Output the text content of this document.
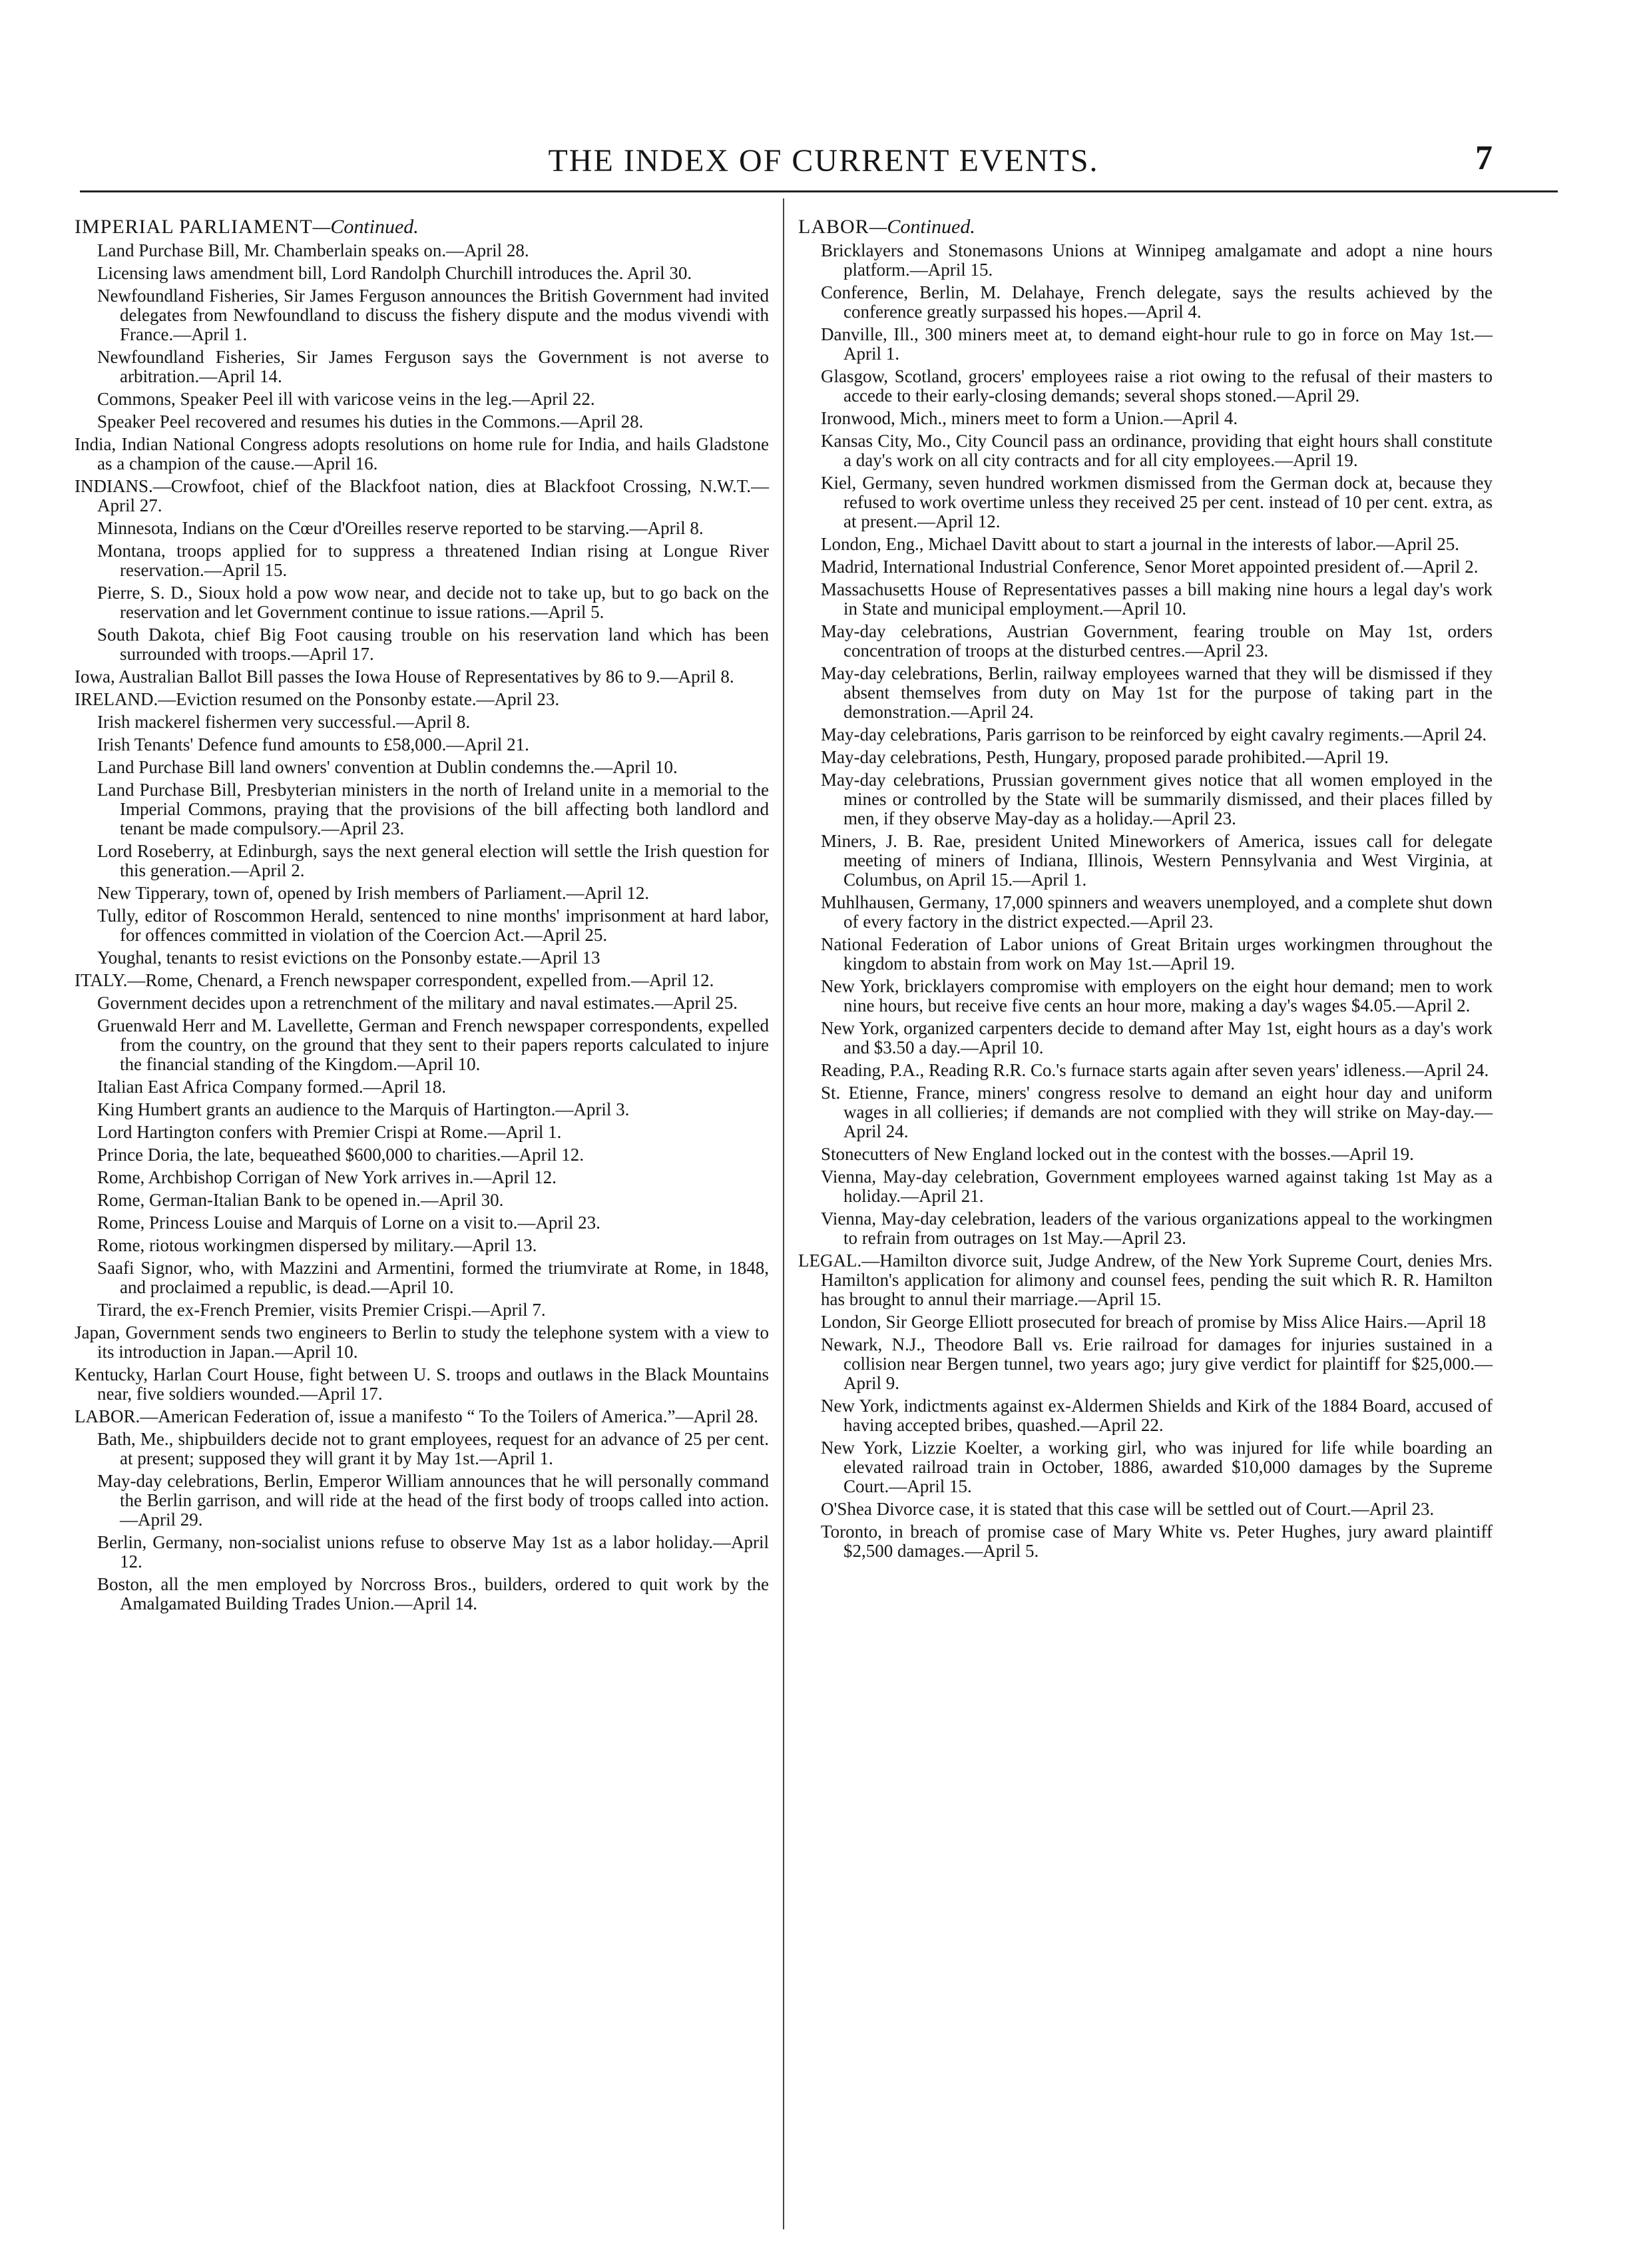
THE INDEX OF CURRENT EVENTS.	7
IMPERIAL PARLIAMENT—Continued.
Land Purchase Bill, Mr. Chamberlain speaks on.—April 28.
Licensing laws amendment bill, Lord Randolph Churchill introduces the. April 30.
Newfoundland Fisheries, Sir James Ferguson announces the British Government had invited delegates from Newfoundland to discuss the fishery dispute and the modus vivendi with France.—April 1.
Newfoundland Fisheries, Sir James Ferguson says the Government is not averse to arbitration.—April 14.
Commons, Speaker Peel ill with varicose veins in the leg.—April 22.
Speaker Peel recovered and resumes his duties in the Commons.—April 28.
India, Indian National Congress adopts resolutions on home rule for India, and hails Gladstone as a champion of the cause.—April 16.
INDIANS.—Crowfoot, chief of the Blackfoot nation, dies at Blackfoot Crossing, N.W.T.—April 27.
Minnesota, Indians on the Cœur d'Oreilles reserve reported to be starving.—April 8.
Montana, troops applied for to suppress a threatened Indian rising at Longue River reservation.—April 15.
Pierre, S. D., Sioux hold a pow wow near, and decide not to take up, but to go back on the reservation and let Government continue to issue rations.—April 5.
South Dakota, chief Big Foot causing trouble on his reservation land which has been surrounded with troops.—April 17.
Iowa, Australian Ballot Bill passes the Iowa House of Representatives by 86 to 9.—April 8.
IRELAND.—Eviction resumed on the Ponsonby estate.—April 23.
Irish mackerel fishermen very successful.—April 8.
Irish Tenants' Defence fund amounts to £58,000.—April 21.
Land Purchase Bill land owners' convention at Dublin condemns the.—April 10.
Land Purchase Bill, Presbyterian ministers in the north of Ireland unite in a memorial to the Imperial Commons, praying that the provisions of the bill affecting both landlord and tenant be made compulsory.—April 23.
Lord Roseberry, at Edinburgh, says the next general election will settle the Irish question for this generation.—April 2.
New Tipperary, town of, opened by Irish members of Parliament.—April 12.
Tully, editor of Roscommon Herald, sentenced to nine months' imprisonment at hard labor, for offences committed in violation of the Coercion Act.—April 25.
Youghal, tenants to resist evictions on the Ponsonby estate.—April 13
ITALY.—Rome, Chenard, a French newspaper correspondent, expelled from.—April 12.
Government decides upon a retrenchment of the military and naval estimates.—April 25.
Gruenwald Herr and M. Lavellette, German and French newspaper correspondents, expelled from the country, on the ground that they sent to their papers reports calculated to injure the financial standing of the Kingdom.—April 10.
Italian East Africa Company formed.—April 18.
King Humbert grants an audience to the Marquis of Hartington.—April 3.
Lord Hartington confers with Premier Crispi at Rome.—April 1.
Prince Doria, the late, bequeathed $600,000 to charities.—April 12.
Rome, Archbishop Corrigan of New York arrives in.—April 12.
Rome, German-Italian Bank to be opened in.—April 30.
Rome, Princess Louise and Marquis of Lorne on a visit to.—April 23.
Rome, riotous workingmen dispersed by military.—April 13.
Saafi Signor, who, with Mazzini and Armentini, formed the triumvirate at Rome, in 1848, and proclaimed a republic, is dead.—April 10.
Tirard, the ex-French Premier, visits Premier Crispi.—April 7.
Japan, Government sends two engineers to Berlin to study the telephone system with a view to its introduction in Japan.—April 10.
Kentucky, Harlan Court House, fight between U. S. troops and outlaws in the Black Mountains near, five soldiers wounded.—April 17.
LABOR.—American Federation of, issue a manifesto “ To the Toilers of America.”—April 28.
Bath, Me., shipbuilders decide not to grant employees, request for an advance of 25 per cent. at present; supposed they will grant it by May 1st.—April 1.
May-day celebrations, Berlin, Emperor William announces that he will personally command the Berlin garrison, and will ride at the head of the first body of troops called into action.—April 29.
Berlin, Germany, non-socialist unions refuse to observe May 1st as a labor holiday.—April 12.
Boston, all the men employed by Norcross Bros., builders, ordered to quit work by the Amalgamated Building Trades Union.—April 14.
LABOR—Continued.
Bricklayers and Stonemasons Unions at Winnipeg amalgamate and adopt a nine hours platform.—April 15.
Conference, Berlin, M. Delahaye, French delegate, says the results achieved by the conference greatly surpassed his hopes.—April 4.
Danville, Ill., 300 miners meet at, to demand eight-hour rule to go in force on May 1st.—April 1.
Glasgow, Scotland, grocers' employees raise a riot owing to the refusal of their masters to accede to their early-closing demands; several shops stoned.—April 29.
Ironwood, Mich., miners meet to form a Union.—April 4.
Kansas City, Mo., City Council pass an ordinance, providing that eight hours shall constitute a day's work on all city contracts and for all city employees.—April 19.
Kiel, Germany, seven hundred workmen dismissed from the German dock at, because they refused to work overtime unless they received 25 per cent. instead of 10 per cent. extra, as at present.—April 12.
London, Eng., Michael Davitt about to start a journal in the interests of labor.—April 25.
Madrid, International Industrial Conference, Senor Moret appointed president of.—April 2.
Massachusetts House of Representatives passes a bill making nine hours a legal day's work in State and municipal employment.—April 10.
May-day celebrations, Austrian Government, fearing trouble on May 1st, orders concentration of troops at the disturbed centres.—April 23.
May-day celebrations, Berlin, railway employees warned that they will be dismissed if they absent themselves from duty on May 1st for the purpose of taking part in the demonstration.—April 24.
May-day celebrations, Paris garrison to be reinforced by eight cavalry regiments.—April 24.
May-day celebrations, Pesth, Hungary, proposed parade prohibited.—April 19.
May-day celebrations, Prussian government gives notice that all women employed in the mines or controlled by the State will be summarily dismissed, and their places filled by men, if they observe May-day as a holiday.—April 23.
Miners, J. B. Rae, president United Mineworkers of America, issues call for delegate meeting of miners of Indiana, Illinois, Western Pennsylvania and West Virginia, at Columbus, on April 15.—April 1.
Muhlhausen, Germany, 17,000 spinners and weavers unemployed, and a complete shut down of every factory in the district expected.—April 23.
National Federation of Labor unions of Great Britain urges workingmen throughout the kingdom to abstain from work on May 1st.—April 19.
New York, bricklayers compromise with employers on the eight hour demand; men to work nine hours, but receive five cents an hour more, making a day's wages $4.05.—April 2.
New York, organized carpenters decide to demand after May 1st, eight hours as a day's work and $3.50 a day.—April 10.
Reading, P.A., Reading R.R. Co.'s furnace starts again after seven years' idleness.—April 24.
St. Etienne, France, miners' congress resolve to demand an eight hour day and uniform wages in all collieries; if demands are not complied with they will strike on May-day.—April 24.
Stonecutters of New England locked out in the contest with the bosses.—April 19.
Vienna, May-day celebration, Government employees warned against taking 1st May as a holiday.—April 21.
Vienna, May-day celebration, leaders of the various organizations appeal to the workingmen to refrain from outrages on 1st May.—April 23.
LEGAL.—Hamilton divorce suit, Judge Andrew, of the New York Supreme Court, denies Mrs. Hamilton's application for alimony and counsel fees, pending the suit which R. R. Hamilton has brought to annul their marriage.—April 15.
London, Sir George Elliott prosecuted for breach of promise by Miss Alice Hairs.—April 18
Newark, N.J., Theodore Ball vs. Erie railroad for damages for injuries sustained in a collision near Bergen tunnel, two years ago; jury give verdict for plaintiff for $25,000.—April 9.
New York, indictments against ex-Aldermen Shields and Kirk of the 1884 Board, accused of having accepted bribes, quashed.—April 22.
New York, Lizzie Koelter, a working girl, who was injured for life while boarding an elevated railroad train in October, 1886, awarded $10,000 damages by the Supreme Court.—April 15.
O'Shea Divorce case, it is stated that this case will be settled out of Court.—April 23.
Toronto, in breach of promise case of Mary White vs. Peter Hughes, jury award plaintiff $2,500 damages.—April 5.
